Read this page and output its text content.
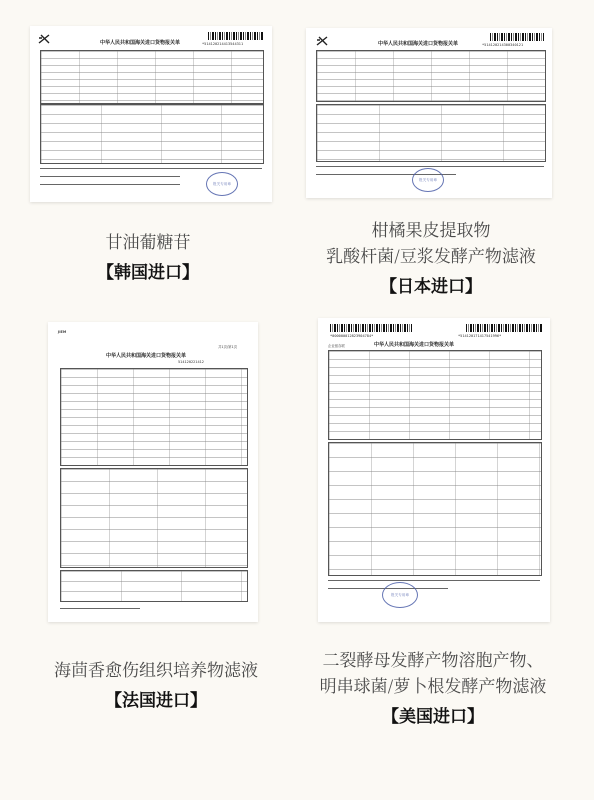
中华人民共和国海关进口货物报关单	*514120214413544311
报关专用章
中华人民共和国海关进口货物报关单	*514120214300340121
报关专用章
甘油葡糖苷
【韩国进口】
柑橘果皮提取物
乳酸杆菌/豆浆发酵产物滤液
【日本进口】
JIEM
共1页/第1页
中华人民共和国海关进口货物报关单
514120221412
*000000012823904784*	*514120171417541996*
中华人民共和国海关进口货物报关单
企业留存联
报关专用章
海茴香愈伤组织培养物滤液
【法国进口】
二裂酵母发酵产物溶胞产物、
明串球菌/萝卜根发酵产物滤液
【美国进口】
